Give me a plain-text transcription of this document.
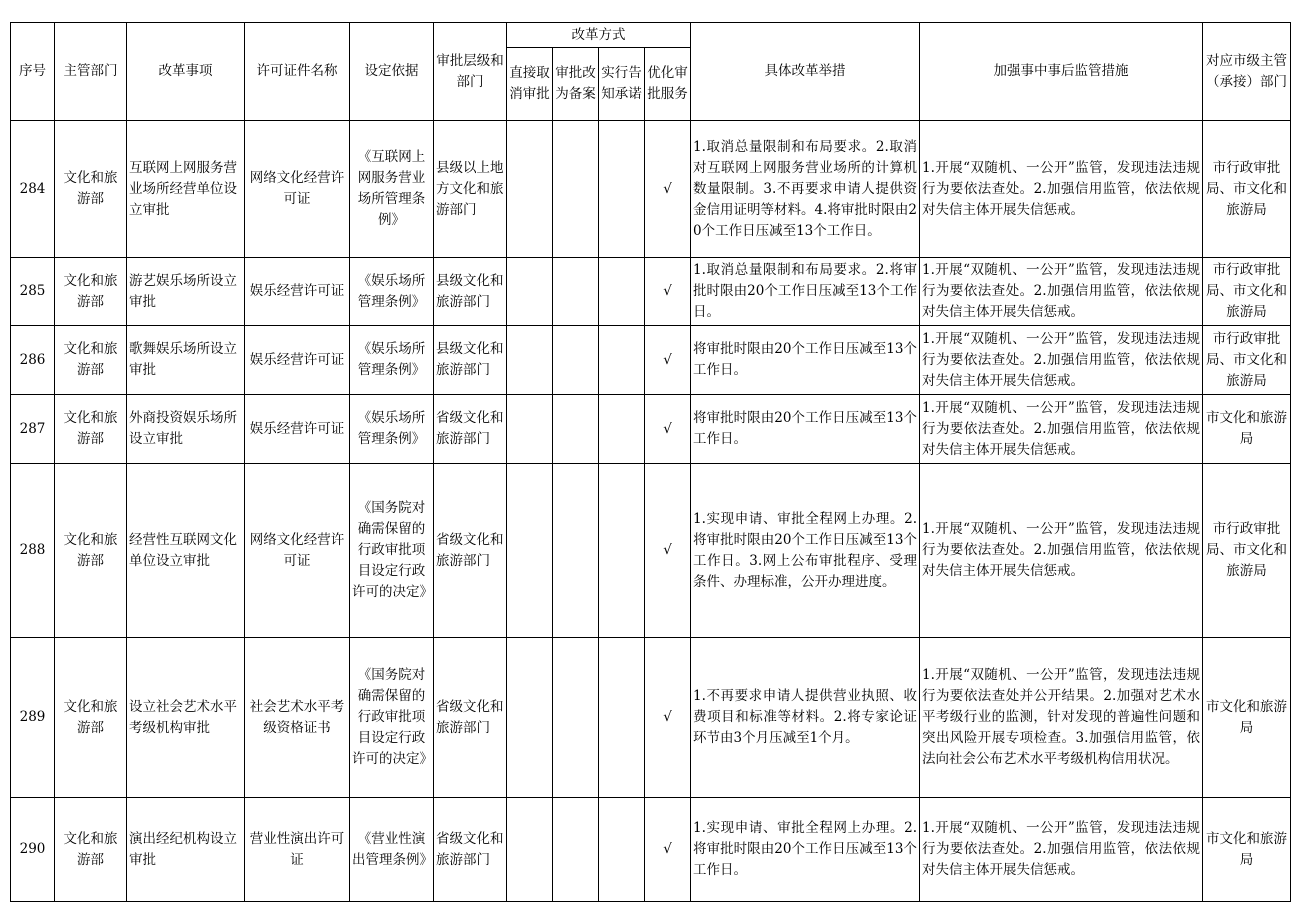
序号	主管部门	改革事项	许可证件名称	设定依据	审批层级和部门	改革方式				具体改革举措	加强事中事后监管措施	对应市级主管（承接）部门
						直接取消审批	审批改为备案	实行告知承诺	优化审批服务			
284	文化和旅游部	互联网上网服务营业场所经营单位设立审批	网络文化经营许可证	《互联网上网服务营业场所管理条例》	县级以上地方文化和旅游部门				√	1.取消总量限制和布局要求。2.取消对互联网上网服务营业场所的计算机数量限制。3.不再要求申请人提供资金信用证明等材料。4.将审批时限由20个工作日压减至13个工作日。	1.开展“双随机、一公开”监管，发现违法违规行为要依法查处。2.加强信用监管，依法依规对失信主体开展失信惩戒。	市行政审批局、市文化和旅游局
285	文化和旅游部	游艺娱乐场所设立审批	娱乐经营许可证	《娱乐场所管理条例》	县级文化和旅游部门				√	1.取消总量限制和布局要求。2.将审批时限由20个工作日压减至13个工作日。	1.开展“双随机、一公开”监管，发现违法违规行为要依法查处。2.加强信用监管，依法依规对失信主体开展失信惩戒。	市行政审批局、市文化和旅游局
286	文化和旅游部	歌舞娱乐场所设立审批	娱乐经营许可证	《娱乐场所管理条例》	县级文化和旅游部门				√	将审批时限由20个工作日压减至13个工作日。	1.开展“双随机、一公开”监管，发现违法违规行为要依法查处。2.加强信用监管，依法依规对失信主体开展失信惩戒。	市行政审批局、市文化和旅游局
287	文化和旅游部	外商投资娱乐场所设立审批	娱乐经营许可证	《娱乐场所管理条例》	省级文化和旅游部门				√	将审批时限由20个工作日压减至13个工作日。	1.开展“双随机、一公开”监管，发现违法违规行为要依法查处。2.加强信用监管，依法依规对失信主体开展失信惩戒。	市文化和旅游局
288	文化和旅游部	经营性互联网文化单位设立审批	网络文化经营许可证	《国务院对确需保留的行政审批项目设定行政许可的决定》	省级文化和旅游部门				√	1.实现申请、审批全程网上办理。2.将审批时限由20个工作日压减至13个工作日。3.网上公布审批程序、受理条件、办理标准，公开办理进度。	1.开展“双随机、一公开”监管，发现违法违规行为要依法查处。2.加强信用监管，依法依规对失信主体开展失信惩戒。	市行政审批局、市文化和旅游局
289	文化和旅游部	设立社会艺术水平考级机构审批	社会艺术水平考级资格证书	《国务院对确需保留的行政审批项目设定行政许可的决定》	省级文化和旅游部门				√	1.不再要求申请人提供营业执照、收费项目和标准等材料。2.将专家论证环节由3个月压减至1个月。	1.开展“双随机、一公开”监管，发现违法违规行为要依法查处并公开结果。2.加强对艺术水平考级行业的监测，针对发现的普遍性问题和突出风险开展专项检查。3.加强信用监管，依法向社会公布艺术水平考级机构信用状况。	市文化和旅游局
290	文化和旅游部	演出经纪机构设立审批	营业性演出许可证	《营业性演出管理条例》	省级文化和旅游部门				√	1.实现申请、审批全程网上办理。2.将审批时限由20个工作日压减至13个工作日。	1.开展“双随机、一公开”监管，发现违法违规行为要依法查处。2.加强信用监管，依法依规对失信主体开展失信惩戒。	市文化和旅游局
